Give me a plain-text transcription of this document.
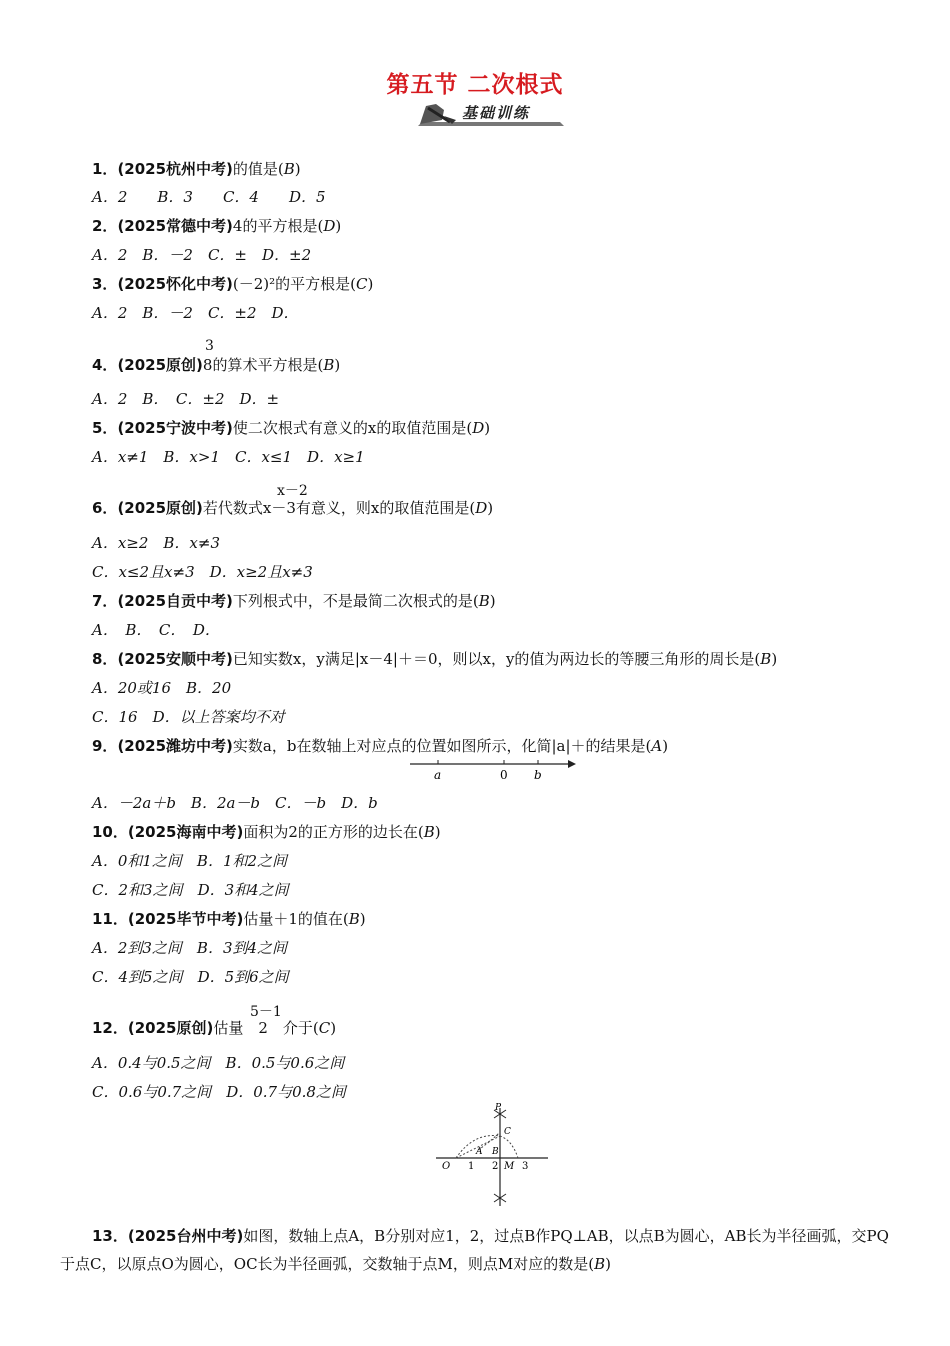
第五节 二次根式
基础训练
1．(2025杭州中考)的值是(B)
A．2　　B．3　　C．4　　D．5
2．(2025常德中考)4的平方根是(D)
A．2　B．－2　C．±　D．±2
3．(2025怀化中考)(－2)²的平方根是(C)
A．2　B．－2　C．±2　D．
3
4．(2025原创)8的算术平方根是(B)
A．2　B．　C．±2　D．±
5．(2025宁波中考)使二次根式有意义的x的取值范围是(D)
A．x≠1　B．x>1　C．x≤1　D．x≥1
x－2
6．(2025原创)若代数式x－3有意义，则x的取值范围是(D)
A．x≥2　B．x≠3
C．x≤2且x≠3　D．x≥2且x≠3
7．(2025自贡中考)下列根式中，不是最简二次根式的是(B)
A．　B．　C．　D．
8．(2025安顺中考)已知实数x，y满足|x－4|＋＝0，则以x，y的值为两边长的等腰三角形的周长是(B)
A．20或16　B．20
C．16　D．以上答案均不对
9．(2025潍坊中考)实数a，b在数轴上对应点的位置如图所示，化简|a|＋的结果是(A)
a	0 b
A．－2a＋b　B．2a－b　C．－b　D．b
10．(2025海南中考)面积为2的正方形的边长在(B)
A．0和1之间　B．1和2之间
C．2和3之间　D．3和4之间
11．(2025毕节中考)估量＋1的值在(B)
A．2到3之间　B．3到4之间
C．4到5之间　D．5到6之间
5－1
12．(2025原创)估量　2　介于(C)
A．0.4与0.5之间　B．0.5与0.6之间
C．0.6与0.7之间　D．0.7与0.8之间
P
C
B
A
O 1 2 M 3
13．(2025台州中考)如图，数轴上点A，B分别对应1，2，过点B作PQ⊥AB，以点B为圆心，AB长为半径画弧，交PQ于点C，以原点O为圆心，OC长为半径画弧，交数轴于点M，则点M对应的数是(B)
